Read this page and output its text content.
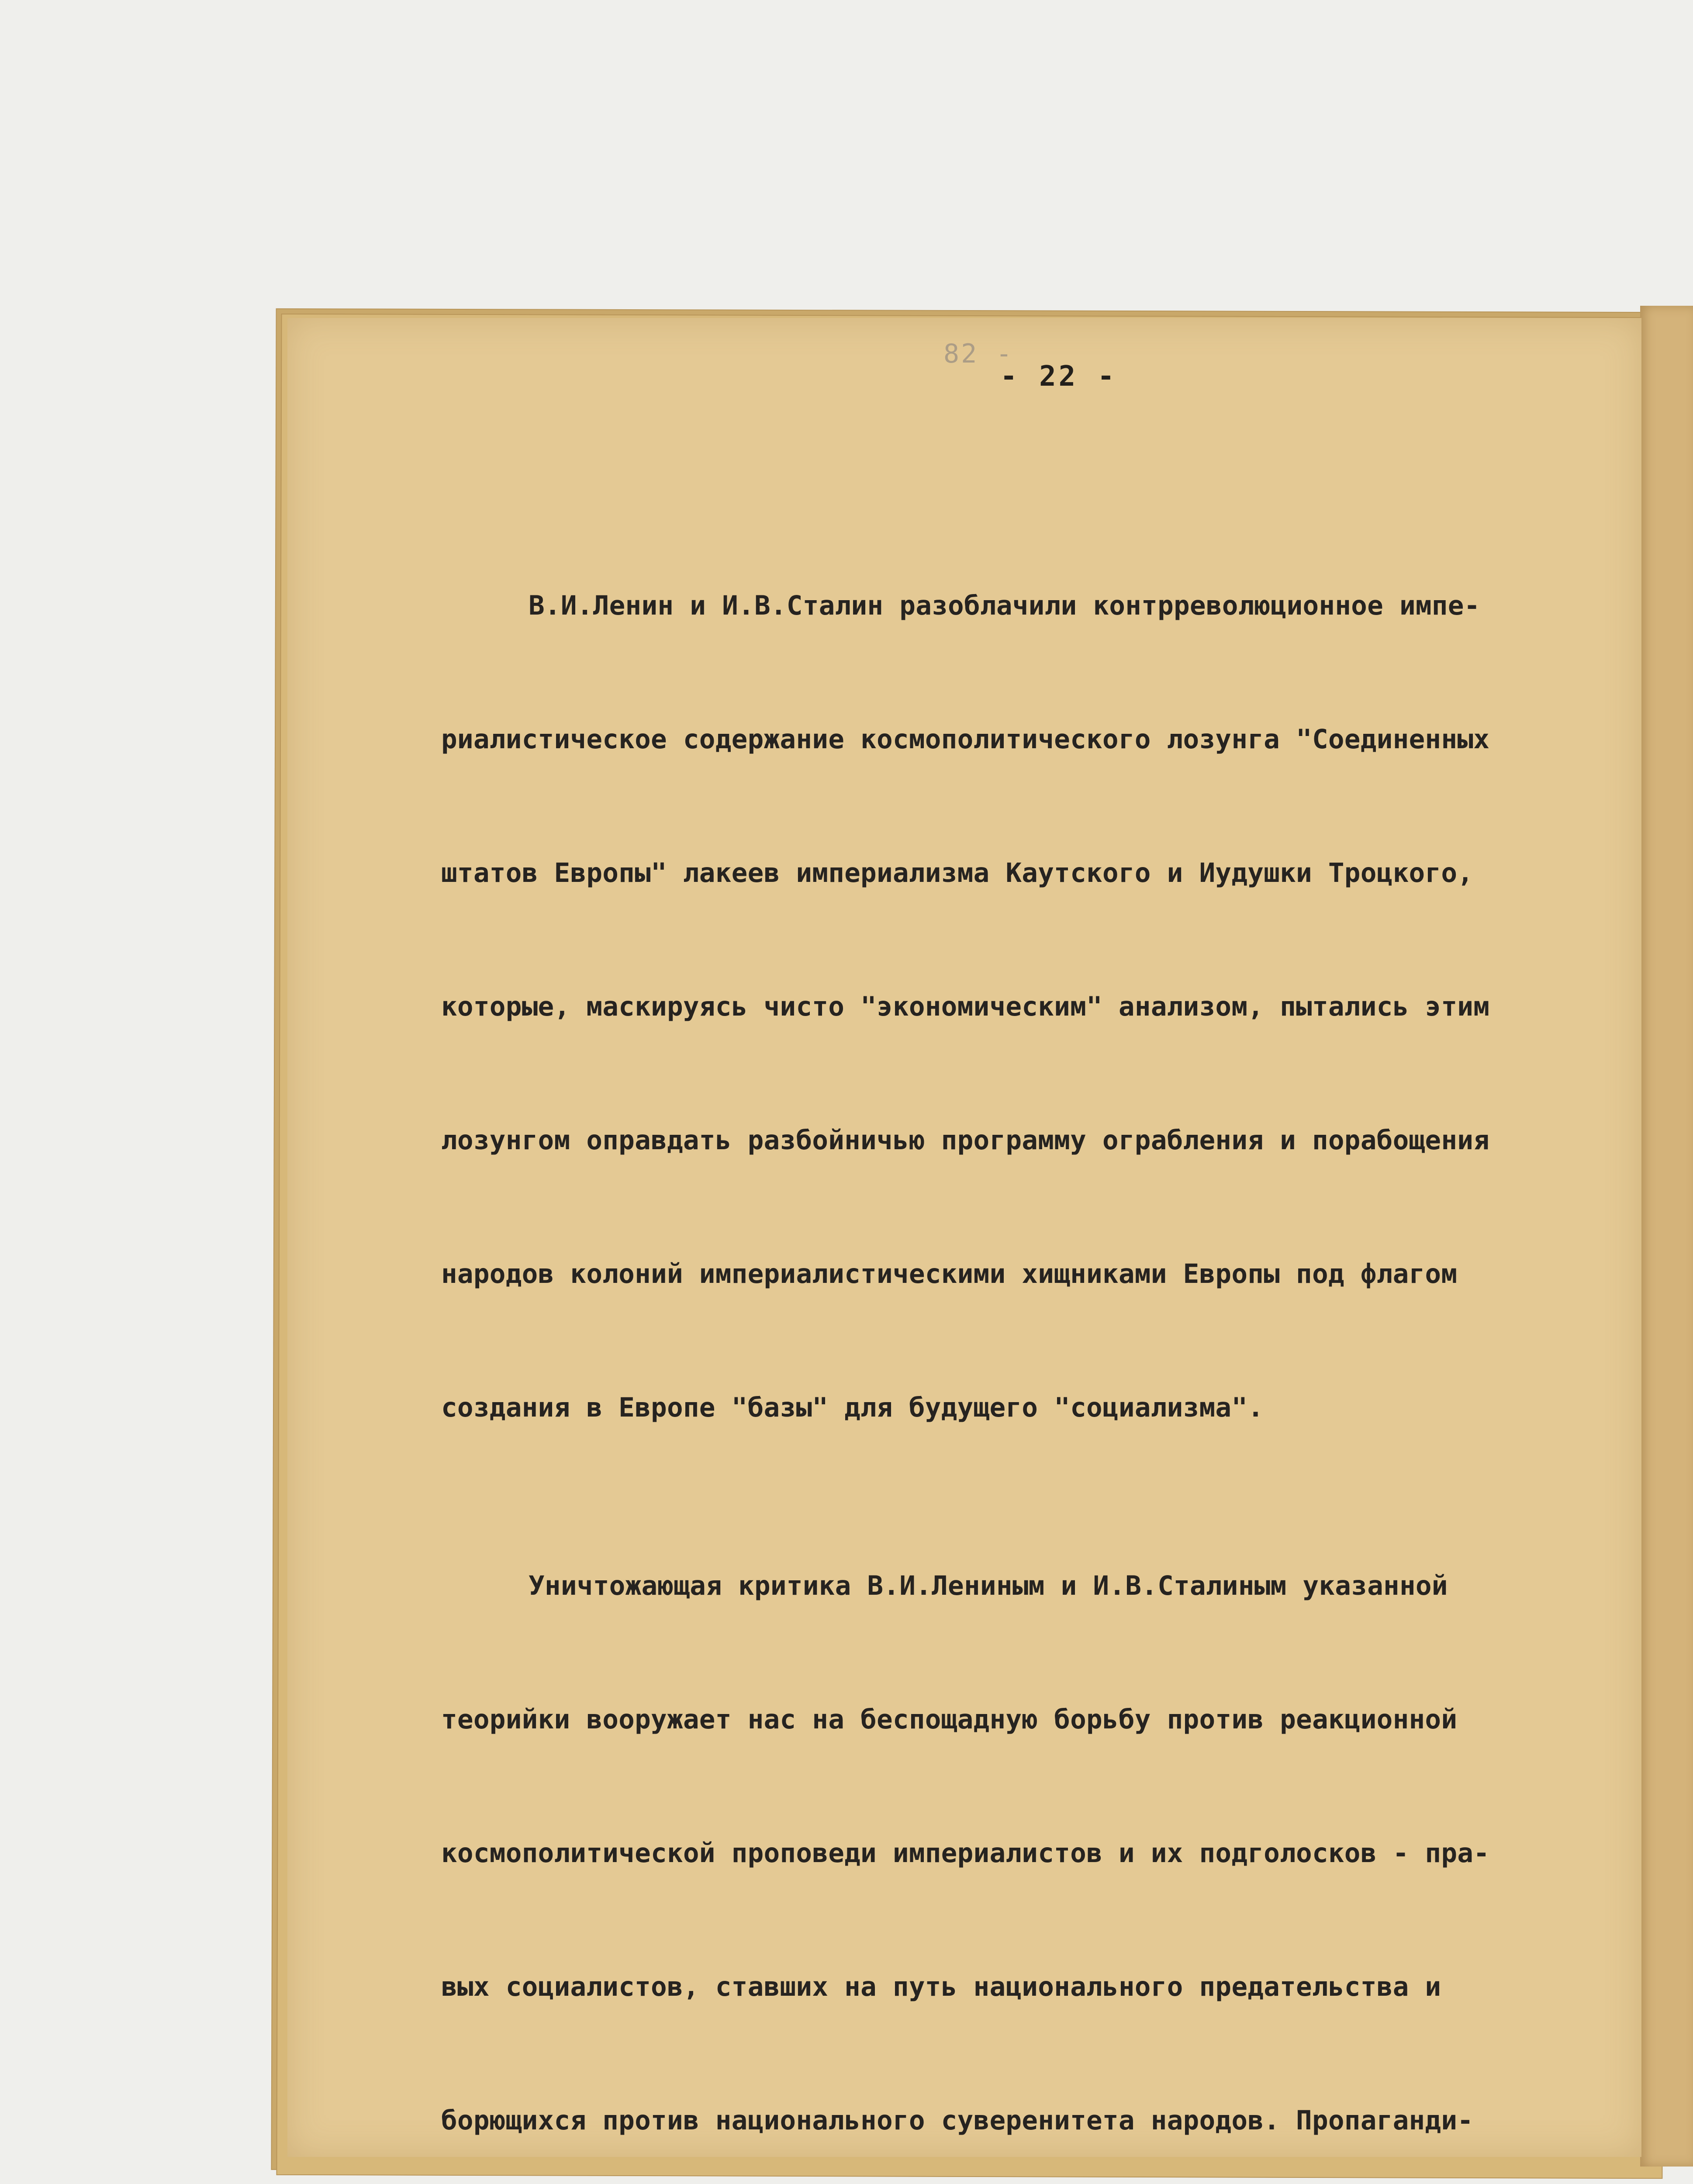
82 -
- 22 -

В.И.Ленин и И.В.Сталин разоблачили контрреволюционное импе-

риалистическое содержание космополитического лозунга "Соединенных

штатов Европы" лакеев империализма Каутского и Иудушки Троцкого,

которые, маскируясь чисто "экономическим" анализом, пытались этим

лозунгом оправдать разбойничью программу ограбления и порабощения

народов колоний империалистическими хищниками Европы под флагом

создания в Европе "базы" для будущего "социализма".

Уничтожающая критика В.И.Лениным и И.В.Сталиным указанной

теорийки вооружает нас на беспощадную борьбу против реакционной

космополитической проповеди империалистов и их подголосков - пра-

вых социалистов, ставших на путь национального предательства и

борющихся против национального суверенитета народов. Пропаганди-
